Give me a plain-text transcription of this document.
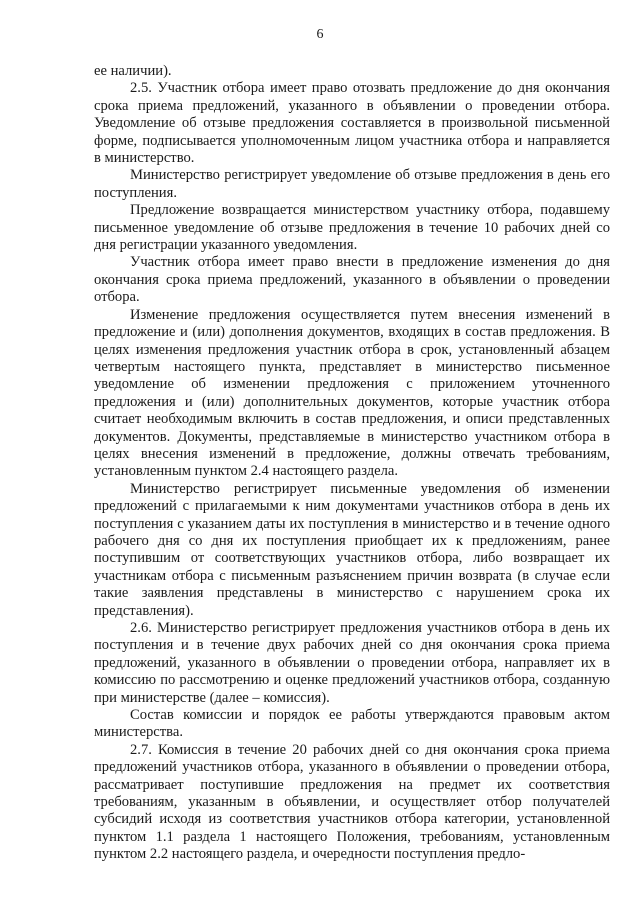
6

ее наличии).

2.5. Участник отбора имеет право отозвать предложение до дня окончания срока приема предложений, указанного в объявлении о проведении отбора. Уведомление об отзыве предложения составляется в произвольной письменной форме, подписывается уполномоченным лицом участника отбора и направляется в министерство.

Министерство регистрирует уведомление об отзыве предложения в день его поступления.

Предложение возвращается министерством участнику отбора, подавшему письменное уведомление об отзыве предложения в течение 10 рабочих дней со дня регистрации указанного уведомления.

Участник отбора имеет право внести в предложение изменения до дня окончания срока приема предложений, указанного в объявлении о проведении отбора.

Изменение предложения осуществляется путем внесения изменений в предложение и (или) дополнения документов, входящих в состав предложения. В целях изменения предложения участник отбора в срок, установленный абзацем четвертым настоящего пункта, представляет в министерство письменное уведомление об изменении предложения с приложением уточненного предложения и (или) дополнительных документов, которые участник отбора считает необходимым включить в состав предложения, и описи представленных документов. Документы, представляемые в министерство участником отбора в целях внесения изменений в предложение, должны отвечать требованиям, установленным пунктом 2.4 настоящего раздела.

Министерство регистрирует письменные уведомления об изменении предложений с прилагаемыми к ним документами участников отбора в день их поступления с указанием даты их поступления в министерство и в течение одного рабочего дня со дня их поступления приобщает их к предложениям, ранее поступившим от соответствующих участников отбора, либо возвращает их участникам отбора с письменным разъяснением причин возврата (в случае если такие заявления представлены в министерство с нарушением срока их представления).

2.6. Министерство регистрирует предложения участников отбора в день их поступления и в течение двух рабочих дней со дня окончания срока приема предложений, указанного в объявлении о проведении отбора, направляет их в комиссию по рассмотрению и оценке предложений участников отбора, созданную при министерстве (далее – комиссия).

Состав комиссии и порядок ее работы утверждаются правовым актом министерства.

2.7. Комиссия в течение 20 рабочих дней со дня окончания срока приема предложений участников отбора, указанного в объявлении о проведении отбора, рассматривает поступившие предложения на предмет их соответствия требованиям, указанным в объявлении, и осуществляет отбор получателей субсидий исходя из соответствия участников отбора категории, установленной пунктом 1.1 раздела 1 настоящего Положения, требованиям, установленным пунктом 2.2 настоящего раздела, и очередности поступления предло-
